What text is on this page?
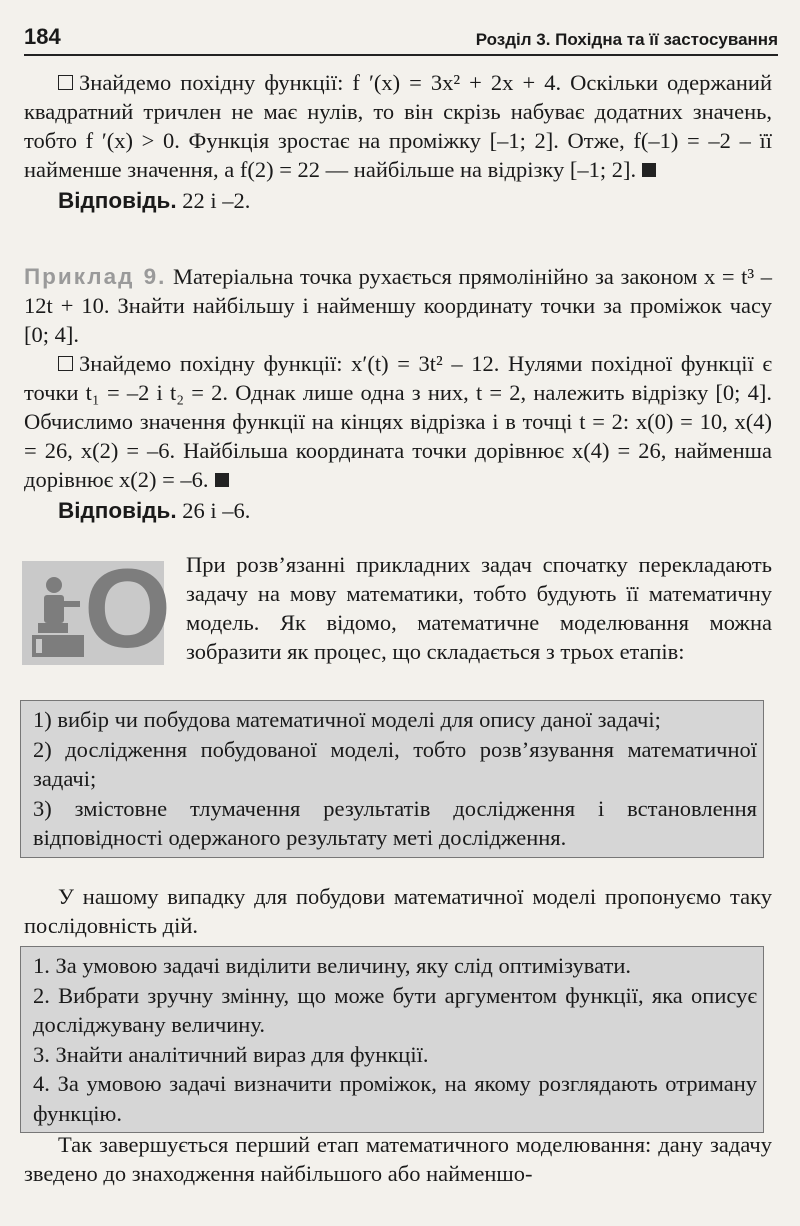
184	Розділ 3. Похідна та її застосування

Знайдемо похідну функції: f ′(x) = 3x² + 2x + 4. Оскільки одержаний квадратний тричлен не має нулів, то він скрізь набуває додатних значень, тобто f ′(x) > 0. Функція зростає на проміжку [–1; 2]. Отже, f(–1) = –2 – її найменше значення, а f(2) = 22 — найбільше на відрізку [–1; 2].

Відповідь. 22 і –2.

Приклад 9. Матеріальна точка рухається прямолінійно за законом x = t³ – 12t + 10. Знайти найбільшу і найменшу координату точки за проміжок часу [0; 4].

Знайдемо похідну функції: x′(t) = 3t² – 12. Нулями похідної функції є точки t₁ = –2 і t₂ = 2. Однак лише одна з них, t = 2, належить відрізку [0; 4]. Обчислимо значення функції на кінцях відрізка і в точці t = 2: x(0) = 10, x(4) = 26, x(2) = –6. Найбільша координата точки дорівнює x(4) = 26, найменша дорівнює x(2) = –6.

Відповідь. 26 і –6.

O При розв’язанні прикладних задач спочатку перекладають задачу на мову математики, тобто будують її математичну модель. Як відомо, математичне моделювання можна зобразити як процес, що складається з трьох етапів:

1) вибір чи побудова математичної моделі для опису даної задачі;

2) дослідження побудованої моделі, тобто розв’язування математичної задачі;

3) змістовне тлумачення результатів дослідження і встановлення відповідності одержаного результату меті дослідження.

У нашому випадку для побудови математичної моделі пропонуємо таку послідовність дій.

1. За умовою задачі виділити величину, яку слід оптимізувати.

2. Вибрати зручну змінну, що може бути аргументом функції, яка описує досліджувану величину.

3. Знайти аналітичний вираз для функції.

4. За умовою задачі визначити проміжок, на якому розглядають отриману функцію.

Так завершується перший етап математичного моделювання: дану задачу зведено до знаходження найбільшого або найменшо-
